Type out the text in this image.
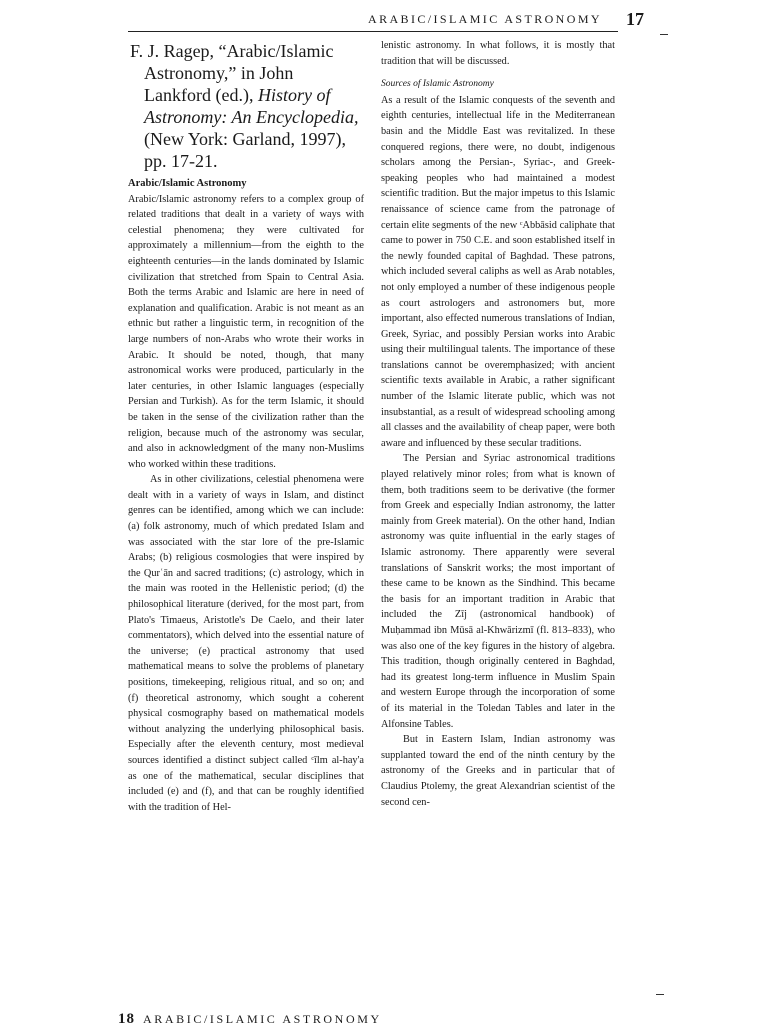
ARABIC/ISLAMIC ASTRONOMY 17
F. J. Ragep, “Arabic/Islamic Astronomy,” in John Lankford (ed.), History of Astronomy: An Encyclopedia, (New York: Garland, 1997), pp. 17-21.
Arabic/Islamic Astronomy

Arabic/Islamic astronomy refers to a complex group of related traditions that dealt in a variety of ways with celestial phenomena; they were cultivated for approximately a millennium—from the eighth to the eighteenth centuries—in the lands dominated by Islamic civilization that stretched from Spain to Central Asia. Both the terms Arabic and Islamic are here in need of explanation and qualification. Arabic is not meant as an ethnic but rather a linguistic term, in recognition of the large numbers of non-Arabs who wrote their works in Arabic. It should be noted, though, that many astronomical works were produced, particularly in the later centuries, in other Islamic languages (especially Persian and Turkish). As for the term Islamic, it should be taken in the sense of the civilization rather than the religion, because much of the astronomy was secular, and also in acknowledgment of the many non-Muslims who worked within these traditions.

As in other civilizations, celestial phenomena were dealt with in a variety of ways in Islam, and distinct genres can be identified, among which we can include: (a) folk astronomy, much of which predated Islam and was associated with the star lore of the pre-Islamic Arabs; (b) religious cosmologies that were inspired by the Qurʿān and sacred traditions; (c) astrology, which in the main was rooted in the Hellenistic period; (d) the philosophical literature (derived, for the most part, from Plato's Timaeus, Aristotle's De Caelo, and their later commentators), which delved into the essential nature of the universe; (e) practical astronomy that used mathematical means to solve the problems of planetary positions, timekeeping, religious ritual, and so on; and (f) theoretical astronomy, which sought a coherent physical cosmography based on mathematical models without analyzing the underlying philosophical basis. Especially after the eleventh century, most medieval sources identified a distinct subject called ᶜīlm al-hay'a as one of the mathematical, secular disciplines that included (e) and (f), and that can be roughly identified with the tradition of Hel-

lenistic astronomy. In what follows, it is mostly that tradition that will be discussed.

Sources of Islamic Astronomy

As a result of the Islamic conquests of the seventh and eighth centuries, intellectual life in the Mediterranean basin and the Middle East was revitalized. In these conquered regions, there were, no doubt, indigenous scholars among the Persian-, Syriac-, and Greek-speaking peoples who had maintained a modest scientific tradition. But the major impetus to this Islamic renaissance of science came from the patronage of certain elite segments of the new ᶜAbbāsid caliphate that came to power in 750 C.E. and soon established itself in the newly founded capital of Baghdad. These patrons, which included several caliphs as well as Arab notables, not only employed a number of these indigenous people as court astrologers and astronomers but, more important, also effected numerous translations of Indian, Greek, Syriac, and possibly Persian works into Arabic using their multilingual talents. The importance of these translations cannot be overemphasized; with ancient scientific texts available in Arabic, a rather significant number of the Islamic literate public, which was not insubstantial, as a result of widespread schooling among all classes and the availability of cheap paper, were both aware and influenced by these secular traditions.

The Persian and Syriac astronomical traditions played relatively minor roles; from what is known of them, both traditions seem to be derivative (the former from Greek and especially Indian astronomy, the latter mainly from Greek material). On the other hand, Indian astronomy was quite influential in the early stages of Islamic astronomy. There apparently were several translations of Sanskrit works; the most important of these came to be known as the Sindhind. This became the basis for an important tradition in Arabic that included the Zīj (astronomical handbook) of Muḥammad ibn Mūsā al-Khwārizmī (fl. 813–833), who was also one of the key figures in the history of algebra. This tradition, though originally centered in Baghdad, had its greatest long-term influence in Muslim Spain and western Europe through the incorporation of some of its material in the Toledan Tables and later in the Alfonsine Tables.

But in Eastern Islam, Indian astronomy was supplanted toward the end of the ninth century by the astronomy of the Greeks and in particular that of Claudius Ptolemy, the great Alexandrian scientist of the second cen-

18 ARABIC/ISLAMIC ASTRONOMY
